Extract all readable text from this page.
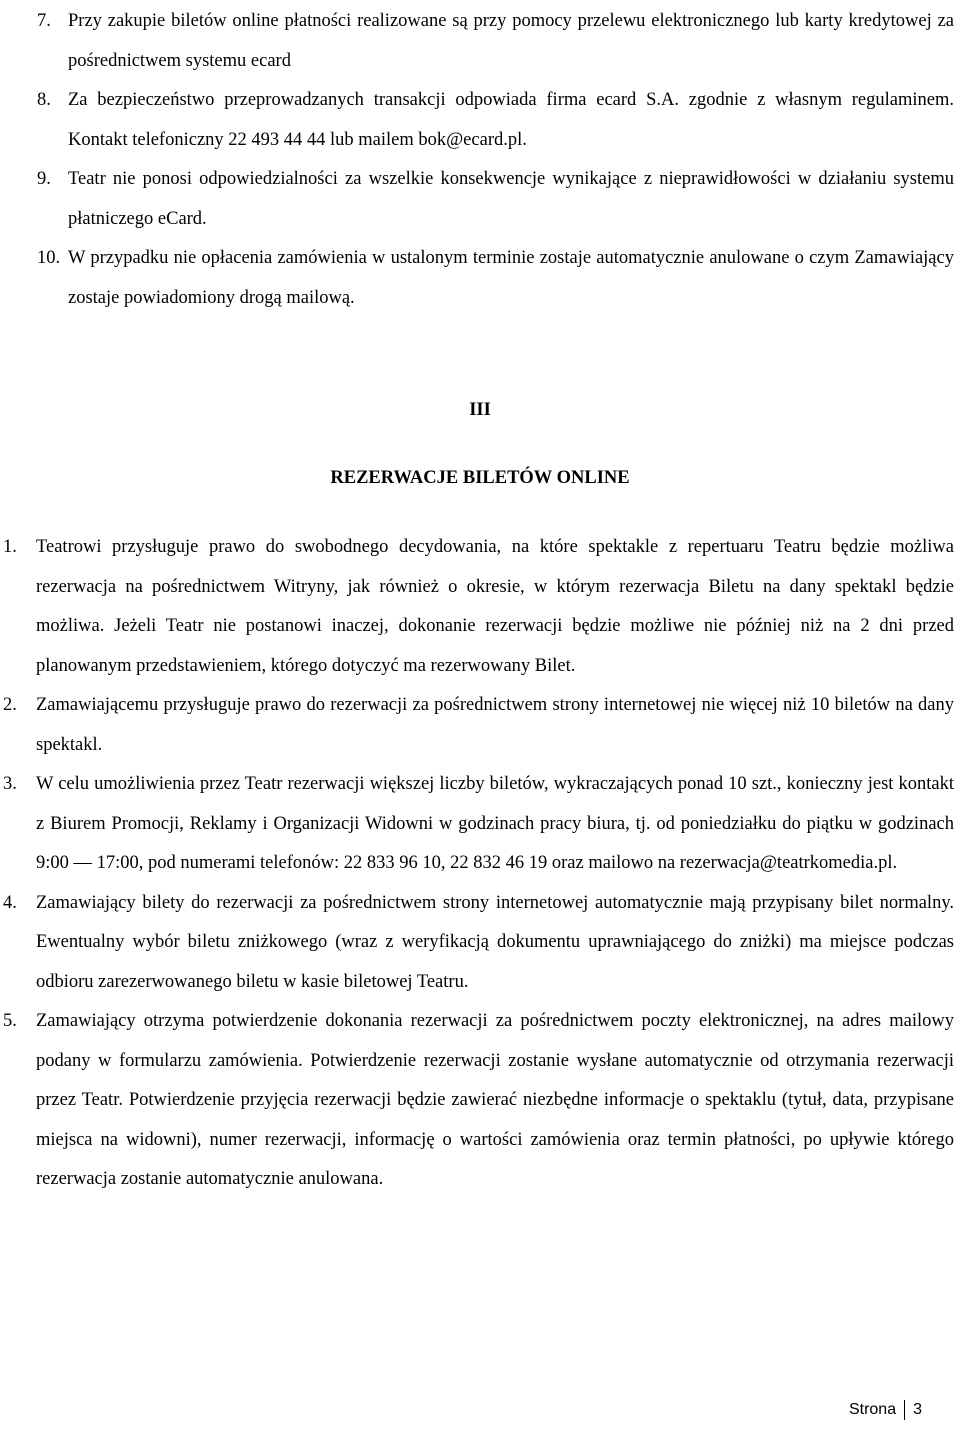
7. Przy zakupie biletów online płatności realizowane są przy pomocy przelewu elektronicznego lub karty kredytowej za pośrednictwem systemu ecard
8. Za bezpieczeństwo przeprowadzanych transakcji odpowiada firma ecard S.A. zgodnie z własnym regulaminem. Kontakt telefoniczny 22 493 44 44 lub mailem bok@ecard.pl.
9. Teatr nie ponosi odpowiedzialności za wszelkie konsekwencje wynikające z nieprawidłowości w działaniu systemu płatniczego eCard.
10. W przypadku nie opłacenia zamówienia w ustalonym terminie zostaje automatycznie anulowane o czym Zamawiający zostaje powiadomiony drogą mailową.
III
REZERWACJE BILETÓW ONLINE
1. Teatrowi przysługuje prawo do swobodnego decydowania, na które spektakle z repertuaru Teatru będzie możliwa rezerwacja na pośrednictwem Witryny, jak również o okresie, w którym rezerwacja Biletu na dany spektakl będzie możliwa. Jeżeli Teatr nie postanowi inaczej, dokonanie rezerwacji będzie możliwe nie później niż na 2 dni przed planowanym przedstawieniem, którego dotyczyć ma rezerwowany Bilet.
2. Zamawiającemu przysługuje prawo do rezerwacji za pośrednictwem strony internetowej nie więcej niż 10 biletów na dany spektakl.
3. W celu umożliwienia przez Teatr rezerwacji większej liczby biletów, wykraczających ponad 10 szt., konieczny jest kontakt z Biurem Promocji, Reklamy i Organizacji Widowni w godzinach pracy biura, tj. od poniedziałku do piątku w godzinach 9:00 — 17:00, pod numerami telefonów: 22 833 96 10, 22 832 46 19 oraz mailowo na rezerwacja@teatrkomedia.pl.
4. Zamawiający bilety do rezerwacji za pośrednictwem strony internetowej automatycznie mają przypisany bilet normalny. Ewentualny wybór biletu zniżkowego (wraz z weryfikacją dokumentu uprawniającego do zniżki) ma miejsce podczas odbioru zarezerwowanego biletu w kasie biletowej Teatru.
5. Zamawiający otrzyma potwierdzenie dokonania rezerwacji za pośrednictwem poczty elektronicznej, na adres mailowy podany w formularzu zamówienia. Potwierdzenie rezerwacji zostanie wysłane automatycznie od otrzymania rezerwacji przez Teatr. Potwierdzenie przyjęcia rezerwacji będzie zawierać niezbędne informacje o spektaklu (tytuł, data, przypisane miejsca na widowni), numer rezerwacji, informację o wartości zamówienia oraz termin płatności, po upływie którego rezerwacja zostanie automatycznie anulowana.
Strona 3
